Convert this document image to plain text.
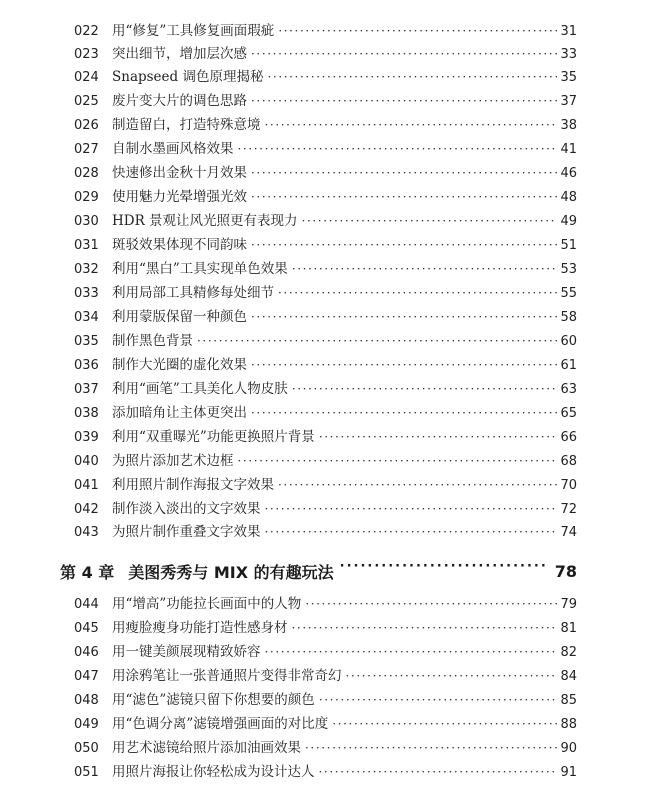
022 用“修复”工具修复画面瑕疵 ·····	31
023 突出细节，增加层次感 ·····	33
024 Snapseed 调色原理揭秘 ·····	35
025 废片变大片的调色思路 ·····	37
026 制造留白，打造特殊意境 ·····	38
027 自制水墨画风格效果 ·····	41
028 快速修出金秋十月效果 ·····	46
029 使用魅力光晕增强光效 ·····	48
030 HDR 景观让风光照更有表现力 ·····	49
031 斑驳效果体现不同韵味 ·····	51
032 利用“黑白”工具实现单色效果 ·····	53
033 利用局部工具精修每处细节 ·····	55
034 利用蒙版保留一种颜色 ·····	58
035 制作黑色背景 ·····	60
036 制作大光圈的虚化效果 ·····	61
037 利用“画笔”工具美化人物皮肤 ·····	63
038 添加暗角让主体更突出 ·····	65
039 利用“双重曝光”功能更换照片背景 ·····	66
040 为照片添加艺术边框 ·····	68
041 利用照片制作海报文字效果 ·····	70
042 制作淡入淡出的文字效果 ·····	72
043 为照片制作重叠文字效果 ·····	74
第 4 章 美图秀秀与 MIX 的有趣玩法 ·····	78
044 用“增高”功能拉长画面中的人物 ·····	79
045 用瘦脸瘦身功能打造性感身材 ·····	81
046 用一键美颜展现精致娇容 ·····	82
047 用涂鸦笔让一张普通照片变得非常奇幻 ·····	84
048 用“滤色”滤镜只留下你想要的颜色 ·····	85
049 用“色调分离”滤镜增强画面的对比度 ·····	88
050 用艺术滤镜给照片添加油画效果 ·····	90
051 用照片海报让你轻松成为设计达人 ·····	91
